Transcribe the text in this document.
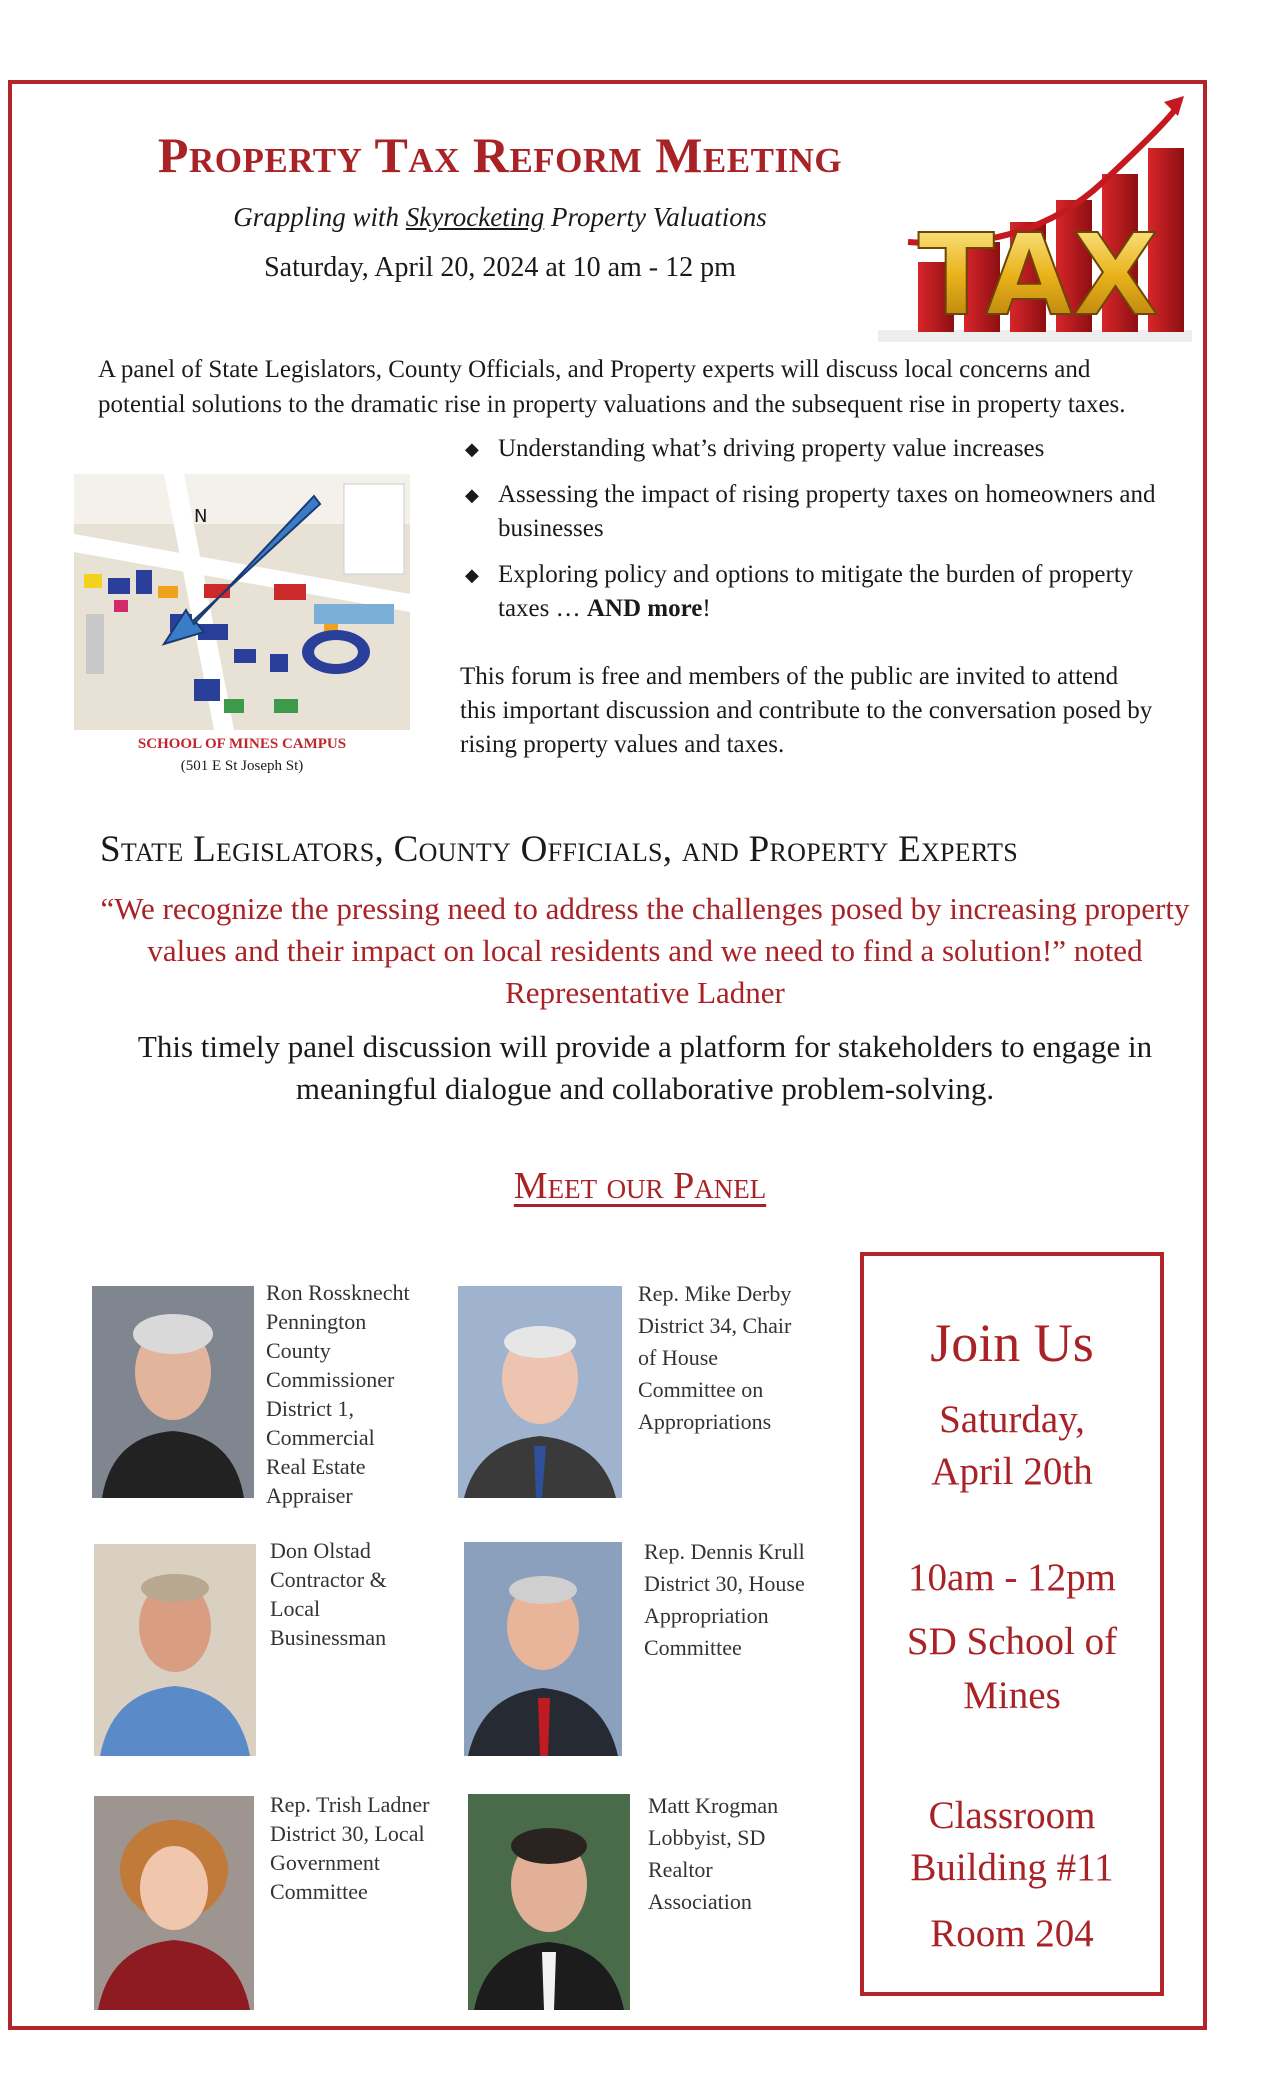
Property Tax Reform Meeting
Grappling with Skyrocketing Property Valuations
Saturday, April 20, 2024 at 10 am - 12 pm	TAX
A panel of State Legislators, County Officials, and Property experts will discuss local concerns and potential solutions to the dramatic rise in property valuations and the subsequent rise in property taxes.
◆ Understanding what’s driving property value increases
◆ Assessing the impact of rising property taxes on homeowners and businesses
◆ Exploring policy and options to mitigate the burden of property taxes … AND more!
This forum is free and members of the public are invited to attend this important discussion and contribute to the conversation posed by rising property values and taxes.
N
SCHOOL OF MINES CAMPUS
(501 E St Joseph St)
State Legislators, County Officials, and Property Experts
“We recognize the pressing need to address the challenges posed by increasing property values and their impact on local residents and we need to find a solution!” noted Representative Ladner
This timely panel discussion will provide a platform for stakeholders to engage in meaningful dialogue and collaborative problem-solving.
Meet our Panel
Ron Rossknecht
Pennington
County
Commissioner
District 1,
Commercial
Real Estate
Appraiser
Rep. Mike Derby
District 34, Chair
of House
Committee on
Appropriations
Don Olstad
Contractor &
Local
Businessman
Rep. Dennis Krull
District 30, House
Appropriation
Committee
Rep. Trish Ladner
District 30, Local
Government
Committee
Matt Krogman
Lobbyist, SD
Realtor
Association
Join Us
Saturday,
April 20th
10am - 12pm
SD School of
Mines
Classroom
Building #11
Room 204
